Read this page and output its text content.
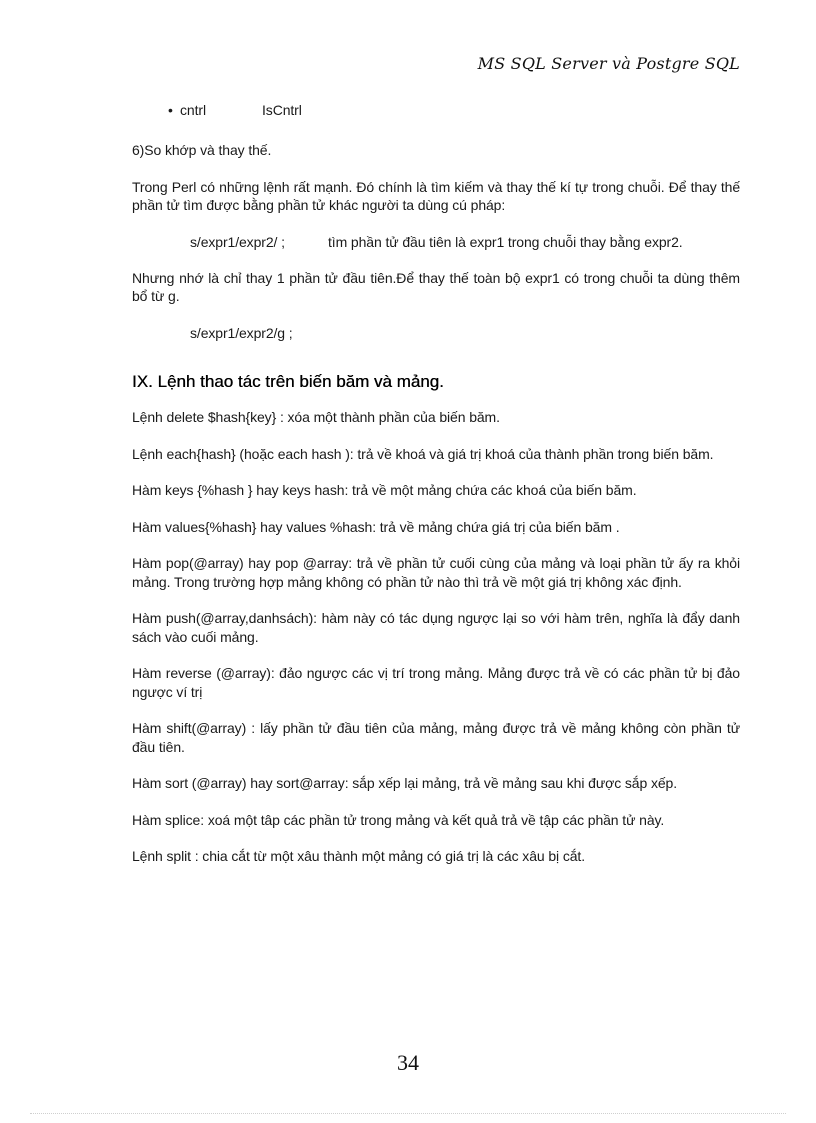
MS SQL Server và Postgre SQL
• cntrl	IsCntrl

6)So khớp và thay thế.

Trong Perl có những lệnh rất mạnh. Đó chính là tìm kiếm và thay thế kí tự trong chuỗi. Để thay thế phần tử tìm được bằng phần tử khác người ta dùng cú pháp:

s/expr1/expr2/ ;	tìm phần tử đầu tiên là expr1 trong chuỗi thay bằng expr2.

Nhưng nhớ là chỉ thay 1 phần tử đầu tiên.Để thay thế toàn bộ expr1 có trong chuỗi ta dùng thêm bổ từ g.

s/expr1/expr2/g ;
IX. Lệnh thao tác trên biến băm và mảng.

Lệnh delete $hash{key} : xóa một thành phần của biến băm.

Lệnh each{hash} (hoặc each hash ): trả về khoá và giá trị khoá của thành phần trong biến băm.

Hàm keys {%hash } hay keys hash: trả về một mảng chứa các khoá của biến băm.

Hàm values{%hash} hay values %hash: trả về mảng chứa giá trị của biến băm .

Hàm pop(@array) hay pop @array: trả về phần tử cuối cùng của mảng và loại phần tử ấy ra khỏi mảng. Trong trường hợp mảng không có phần tử nào thì trả về một giá trị không xác định.

Hàm push(@array,danhsách): hàm này có tác dụng ngược lại so với hàm trên, nghĩa là đẩy danh sách vào cuối mảng.

Hàm reverse (@array): đảo ngược các vị trí trong mảng. Mảng được trả về có các phần tử bị đảo ngược ví trị

Hàm shift(@array) : lấy phần tử đầu tiên của mảng, mảng được trả về mảng không còn phần tử đầu tiên.

Hàm sort (@array) hay sort@array: sắp xếp lại mảng, trả về mảng sau khi được sắp xếp.

Hàm splice: xoá một tâp các phần tử trong mảng và kết quả trả về tập các phần tử này.

Lệnh split : chia cắt từ một xâu thành một mảng có giá trị là các xâu bị cắt.

34
